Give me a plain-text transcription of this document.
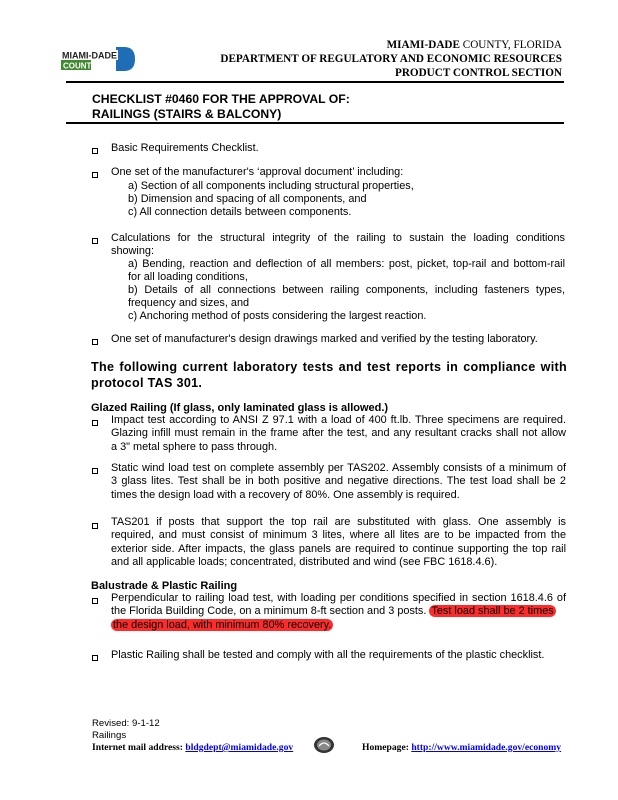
MIAMI-DADE
COUNTY
MIAMI-DADE COUNTY, FLORIDA
DEPARTMENT OF REGULATORY AND ECONOMIC RESOURCES
PRODUCT CONTROL SECTION
CHECKLIST #0460 FOR THE APPROVAL OF:
RAILINGS (STAIRS & BALCONY)
Basic Requirements Checklist.
One set of the manufacturer's ‘approval document’ including:
a) Section of all components including structural properties,
b) Dimension and spacing of all components, and
c) All connection details between components.
Calculations for the structural integrity of the railing to sustain the loading conditions
showing:
a) Bending, reaction and deflection of all members: post, picket, top-rail and bottom-rail
for all loading conditions,
b) Details of all connections between railing components, including fasteners types,
frequency and sizes, and
c) Anchoring method of posts considering the largest reaction.
One set of manufacturer's design drawings marked and verified by the testing laboratory.
The following current laboratory tests and test reports in compliance with
protocol TAS 301.
Glazed Railing (If glass, only laminated glass is allowed.)
Impact test according to ANSI Z 97.1 with a load of 400 ft.lb. Three specimens are required.
Glazing infill must remain in the frame after the test, and any resultant cracks shall not allow
a 3" metal sphere to pass through.
Static wind load test on complete assembly per TAS202. Assembly consists of a minimum of
3 glass lites. Test shall be in both positive and negative directions. The test load shall be 2
times the design load with a recovery of 80%. One assembly is required.
TAS201 if posts that support the top rail are substituted with glass. One assembly is
required, and must consist of minimum 3 lites, where all lites are to be impacted from the
exterior side. After impacts, the glass panels are required to continue supporting the top rail
and all applicable loads; concentrated, distributed and wind (see FBC 1618.4.6).
Balustrade & Plastic Railing
Perpendicular to railing load test, with loading per conditions specified in section 1618.4.6 of
the Florida Building Code, on a minimum 8-ft section and 3 posts. Test load shall be 2 times
the design load, with minimum 80% recovery.
Plastic Railing shall be tested and comply with all the requirements of the plastic checklist.
Revised: 9-1-12
Railings
Internet mail address: bldgdept@miamidade.gov	Homepage: http://www.miamidade.gov/economy
